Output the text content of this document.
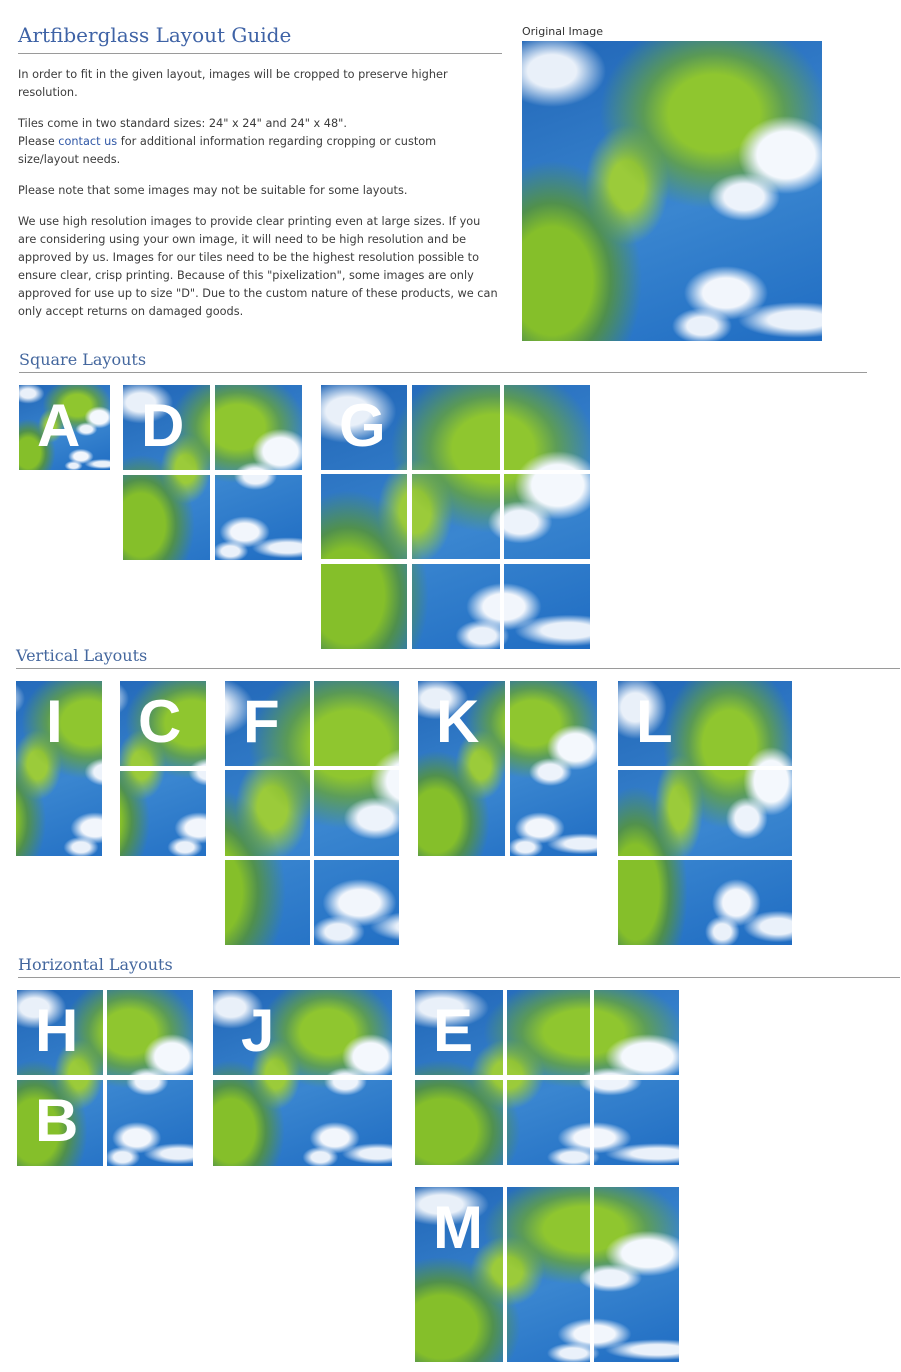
Artfiberglass Layout Guide

In order to fit in the given layout, images will be cropped to preserve higher resolution.

Tiles come in two standard sizes: 24" x 24" and 24" x 48".
Please contact us for additional information regarding cropping or custom size/layout needs.

Please note that some images may not be suitable for some layouts.

We use high resolution images to provide clear printing even at large sizes. If you are considering using your own image, it will need to be high resolution and be approved by us. Images for our tiles need to be the highest resolution possible to ensure clear, crisp printing. Because of this "pixelization", some images are only approved for use up to size "D". Due to the custom nature of these products, we can only accept returns on damaged goods.

Original Image
Square Layouts
A D	G
Vertical Layouts
I C F	K	L
Horizontal Layouts
H
B
J	E
M
